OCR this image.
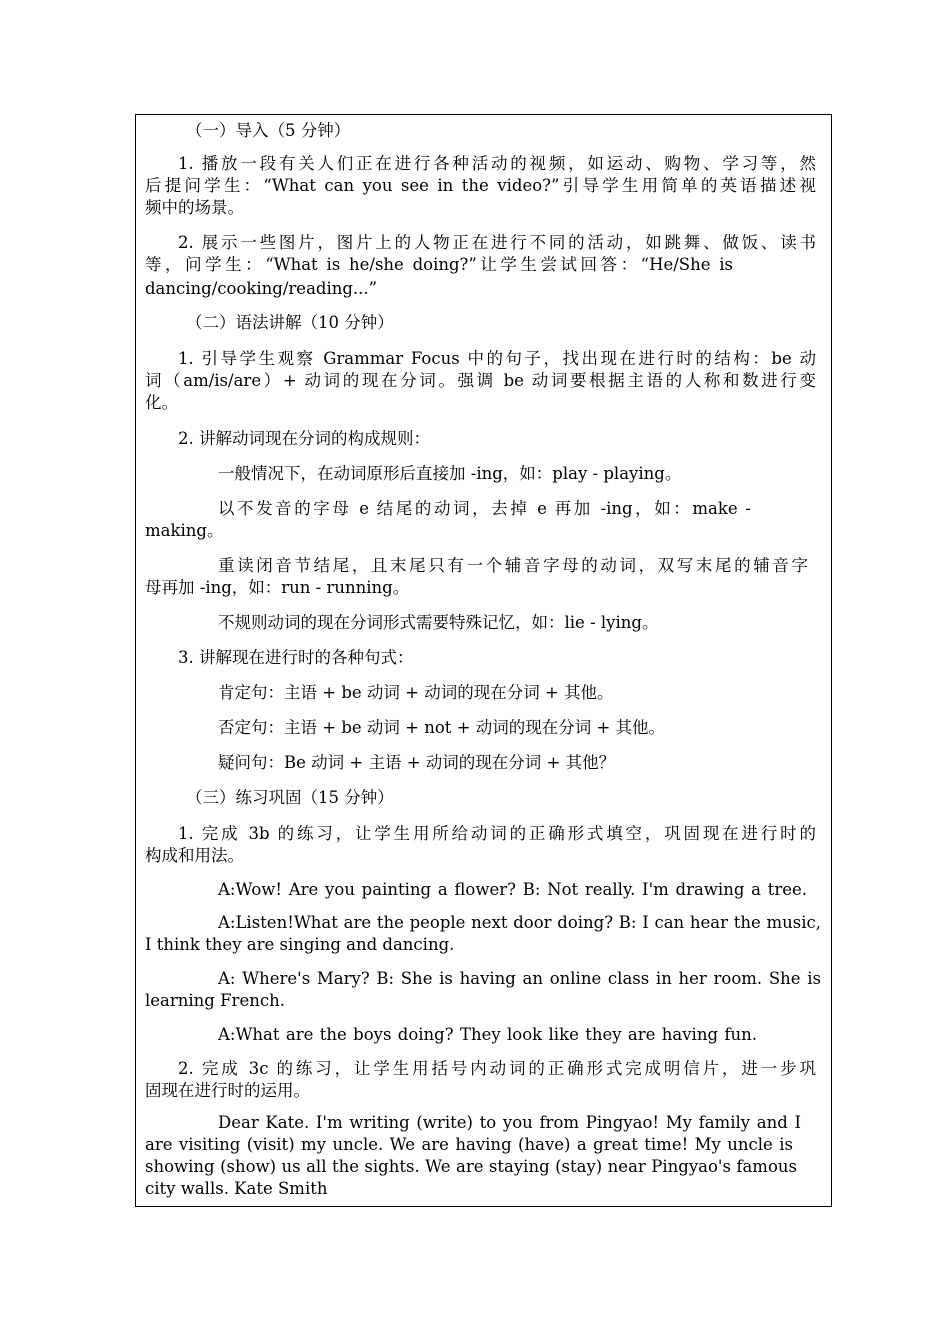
（一）导入（5 分钟）
1. 播放一段有关人们正在进行各种活动的视频，如运动、购物、学习等，然
后提问学生：“What can you see in the video?”引导学生用简单的英语描述视
频中的场景。
2. 展示一些图片，图片上的人物正在进行不同的活动，如跳舞、做饭、读书
等，问学生：“What is he/she doing?”让学生尝试回答：“He/She is
dancing/cooking/reading...”
（二）语法讲解（10 分钟）
1. 引导学生观察 Grammar Focus 中的句子，找出现在进行时的结构：be 动
词（am/is/are）+ 动词的现在分词。强调 be 动词要根据主语的人称和数进行变
化。
2. 讲解动词现在分词的构成规则：
一般情况下，在动词原形后直接加 -ing，如：play - playing。
以不发音的字母 e 结尾的动词，去掉 e 再加 -ing，如：make -
making。
重读闭音节结尾，且末尾只有一个辅音字母的动词，双写末尾的辅音字
母再加 -ing，如：run - running。
不规则动词的现在分词形式需要特殊记忆，如：lie - lying。
3. 讲解现在进行时的各种句式：
肯定句：主语 + be 动词 + 动词的现在分词 + 其他。
否定句：主语 + be 动词 + not + 动词的现在分词 + 其他。
疑问句：Be 动词 + 主语 + 动词的现在分词 + 其他？
（三）练习巩固（15 分钟）
1. 完成 3b 的练习，让学生用所给动词的正确形式填空，巩固现在进行时的
构成和用法。
A:Wow! Are you painting a flower? B: Not really. I'm drawing a tree.
A:Listen!What are the people next door doing? B: I can hear the music,
I think they are singing and dancing.
A: Where's Mary? B: She is having an online class in her room. She is
learning French.
A:What are the boys doing? They look like they are having fun.
2. 完成 3c 的练习，让学生用括号内动词的正确形式完成明信片，进一步巩
固现在进行时的运用。
Dear Kate. I'm writing (write) to you from Pingyao! My family and I
are visiting (visit) my uncle. We are having (have) a great time! My uncle is
showing (show) us all the sights. We are staying (stay) near Pingyao's famous
city walls. Kate Smith
